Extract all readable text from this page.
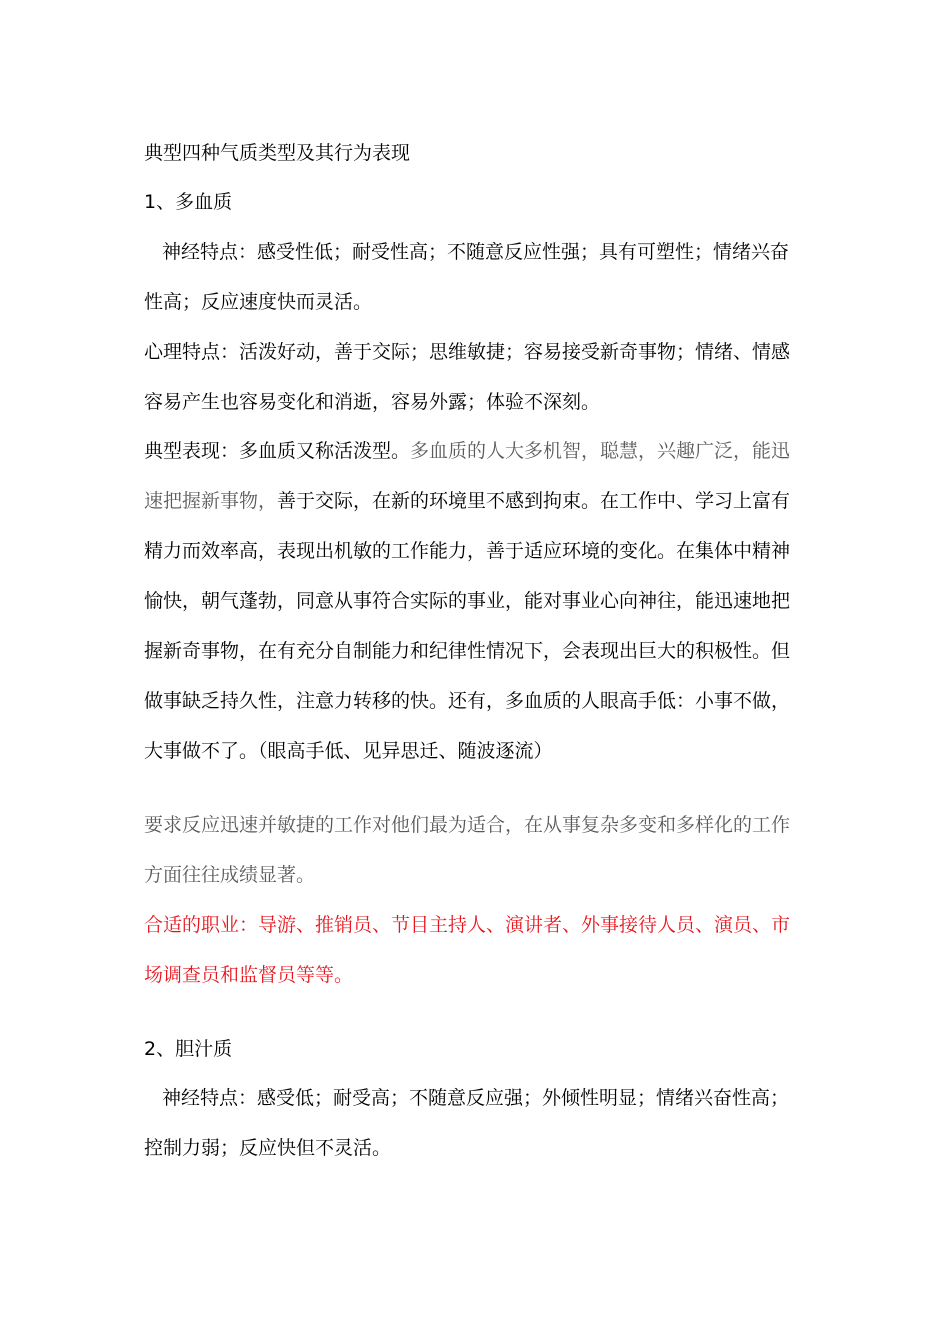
典型四种气质类型及其行为表现

1、多血质

神经特点：感受性低；耐受性高；不随意反应性强；具有可塑性；情绪兴奋

性高；反应速度快而灵活。

心理特点：活泼好动，善于交际；思维敏捷；容易接受新奇事物；情绪、情感

容易产生也容易变化和消逝，容易外露；体验不深刻。

典型表现：多血质又称活泼型。多血质的人大多机智，聪慧，兴趣广泛，能迅

速把握新事物，善于交际，在新的环境里不感到拘束。在工作中、学习上富有

精力而效率高，表现出机敏的工作能力，善于适应环境的变化。在集体中精神

愉快，朝气蓬勃，同意从事符合实际的事业，能对事业心向神往，能迅速地把

握新奇事物，在有充分自制能力和纪律性情况下，会表现出巨大的积极性。但

做事缺乏持久性，注意力转移的快。还有，多血质的人眼高手低：小事不做，

大事做不了。（眼高手低、见异思迁、随波逐流）

要求反应迅速并敏捷的工作对他们最为适合，在从事复杂多变和多样化的工作

方面往往成绩显著。

合适的职业：导游、推销员、节目主持人、演讲者、外事接待人员、演员、市

场调查员和监督员等等。

2、胆汁质

神经特点：感受低；耐受高；不随意反应强；外倾性明显；情绪兴奋性高；

控制力弱；反应快但不灵活。
